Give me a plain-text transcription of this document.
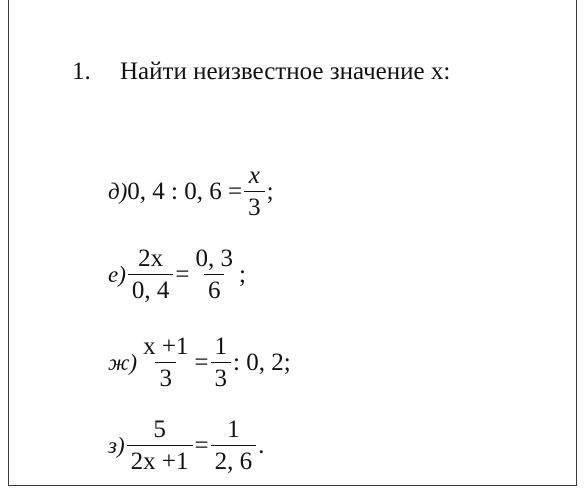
1. Найти неизвестное значение x:
д) 0, 4 : 0, $6 = \frac{x}{3}$ ;
$е) \frac{2x}{0, 4} = \frac{0, 3}{6}$ ;
$ж) \frac{x +1}{3} = \frac{1}{3}$ : 0, 2;
$з) \frac{5}{2x +1} = \frac{1}{2, 6}$ .
